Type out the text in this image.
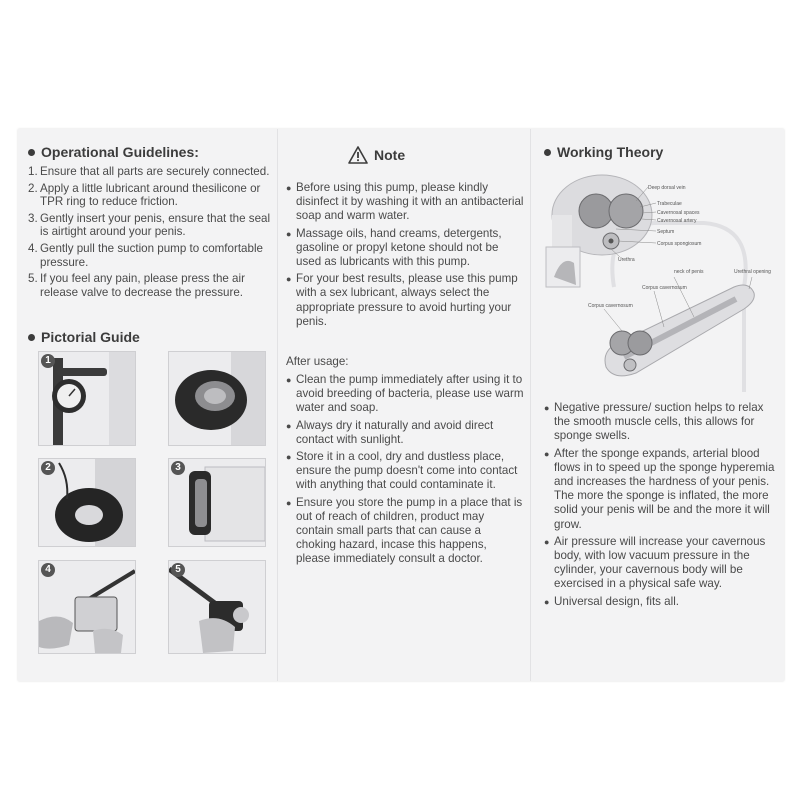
Operational Guidelines:
1. Ensure that all parts are securely connected.
2. Apply a little lubricant around thesilicone or TPR ring to reduce friction.
3. Gently insert your penis, ensure that the seal is airtight around your penis.
4. Gently pull the suction pump to comfortable pressure.
5. If you feel any pain, please press the air release valve to decrease the pressure.
Pictorial Guide
1
2	3
4	5
Note
● Before using this pump, please kindly disinfect it by washing it with an antibacterial soap and warm water.
● Massage oils, hand creams, detergents, gasoline or propyl ketone should not be used as lubricants with this pump.
● For your best results, please use this pump with a sex lubricant, always select the appropriate pressure to avoid hurting your penis.
After usage:
● Clean the pump immediately after using it to avoid breeding of bacteria, please use warm water and soap.
● Always dry it naturally and avoid direct contact with sunlight.
● Store it in a cool, dry and dustless place, ensure the pump doesn't come into contact with anything that could contaminate it.
● Ensure you store the pump in a place that is out of reach of children, product may contain small parts that can cause a choking hazard, incase this happens, please immediately consult a doctor.
Working Theory
Deep dorsal vein
Trabeculae
Cavernosal spaces
Cavernosal artery
Septum
Corpus spongiosum
Urethra
neck of penis	Urethral opening
Corpus cavernosum
Corpus cavernosum
● Negative pressure/ suction helps to relax the smooth muscle cells, this allows for sponge swells.
● After the sponge expands, arterial blood flows in to speed up the sponge hyperemia and increases the hardness of your penis. The more the sponge is inflated, the more solid your penis will be and the more it will grow.
● Air pressure will increase your cavernous body, with low vacuum pressure in the cylinder, your cavernous body will be exercised in a physical safe way.
● Universal design, fits all.
